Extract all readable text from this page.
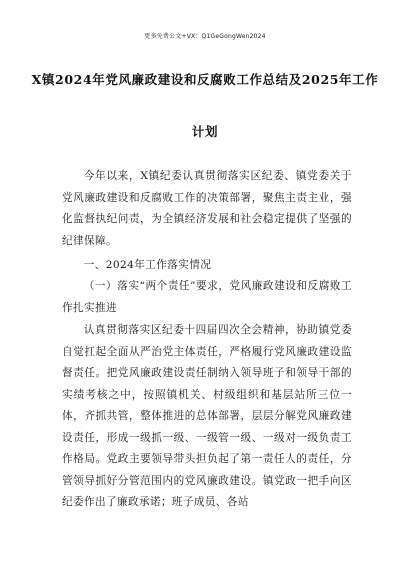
更多免费公文+VX：Q1GeGongWen2024
X镇2024年党风廉政建设和反腐败工作总结及2025年工作
计划

今年以来，X镇纪委认真贯彻落实区纪委、镇党委关于党风廉政建设和反腐败工作的决策部署，聚焦主责主业，强化监督执纪问责，为全镇经济发展和社会稳定提供了坚强的纪律保障。

一、2024年工作落实情况

（一）落实“两个责任”要求，党风廉政建设和反腐败工作扎实推进

认真贯彻落实区纪委十四届四次全会精神，协助镇党委自觉扛起全面从严治党主体责任，严格履行党风廉政建设监督责任。把党风廉政建设责任制纳入领导班子和领导干部的实绩考核之中，按照镇机关、村级组织和基层站所三位一体，齐抓共管，整体推进的总体部署，层层分解党风廉政建设责任，形成一级抓一级、一级管一级、一级对一级负责工作格局。党政主要领导带头担负起了第一责任人的责任，分管领导抓好分管范围内的党风廉政建设。镇党政一把手向区纪委作出了廉政承诺；班子成员、各站
